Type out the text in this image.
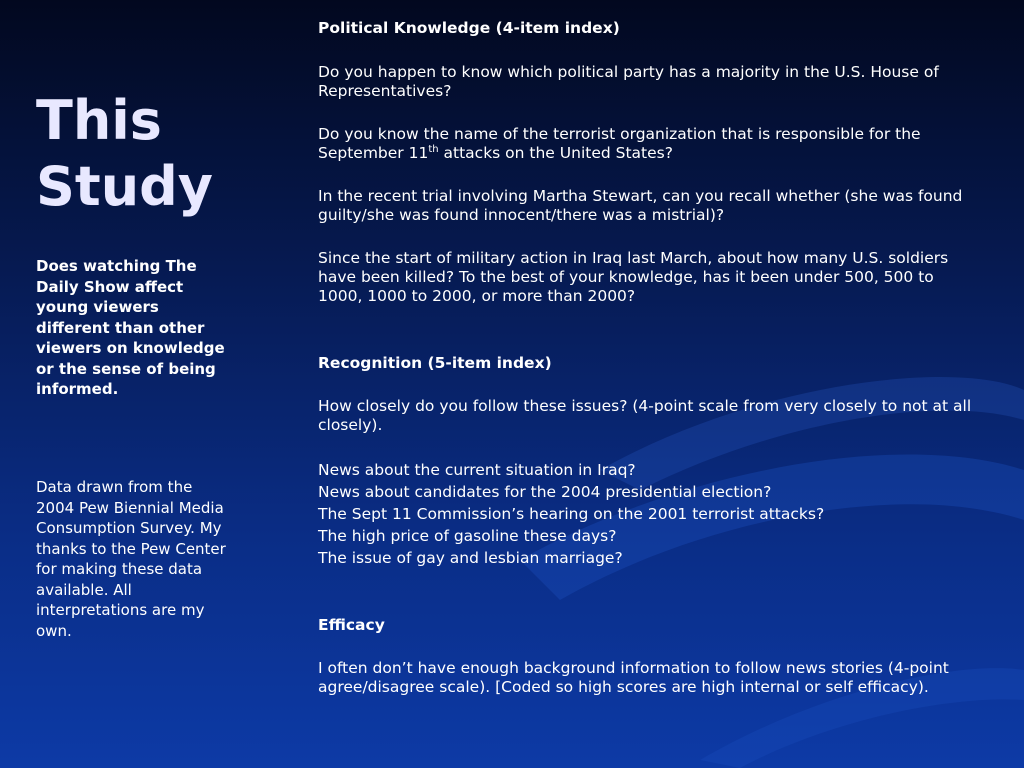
This
Study
Does watching The Daily Show affect young viewers different than other viewers on knowledge or the sense of being informed.
Data drawn from the 2004 Pew Biennial Media Consumption Survey. My thanks to the Pew Center for making these data available. All interpretations are my own.

Political Knowledge (4-item index)

Do you happen to know which political party has a majority in the U.S. House of Representatives?

Do you know the name of the terrorist organization that is responsible for the September 11th attacks on the United States?

In the recent trial involving Martha Stewart, can you recall whether (she was found guilty/she was found innocent/there was a mistrial)?

Since the start of military action in Iraq last March, about how many U.S. soldiers have been killed? To the best of your knowledge, has it been under 500, 500 to 1000, 1000 to 2000, or more than 2000?

Recognition (5-item index)

How closely do you follow these issues? (4-point scale from very closely to not at all closely).

News about the current situation in Iraq?
News about candidates for the 2004 presidential election?
The Sept 11 Commission’s hearing on the 2001 terrorist attacks?
The high price of gasoline these days?
The issue of gay and lesbian marriage?

Efficacy

I often don’t have enough background information to follow news stories (4-point agree/disagree scale). [Coded so high scores are high internal or self efficacy).
